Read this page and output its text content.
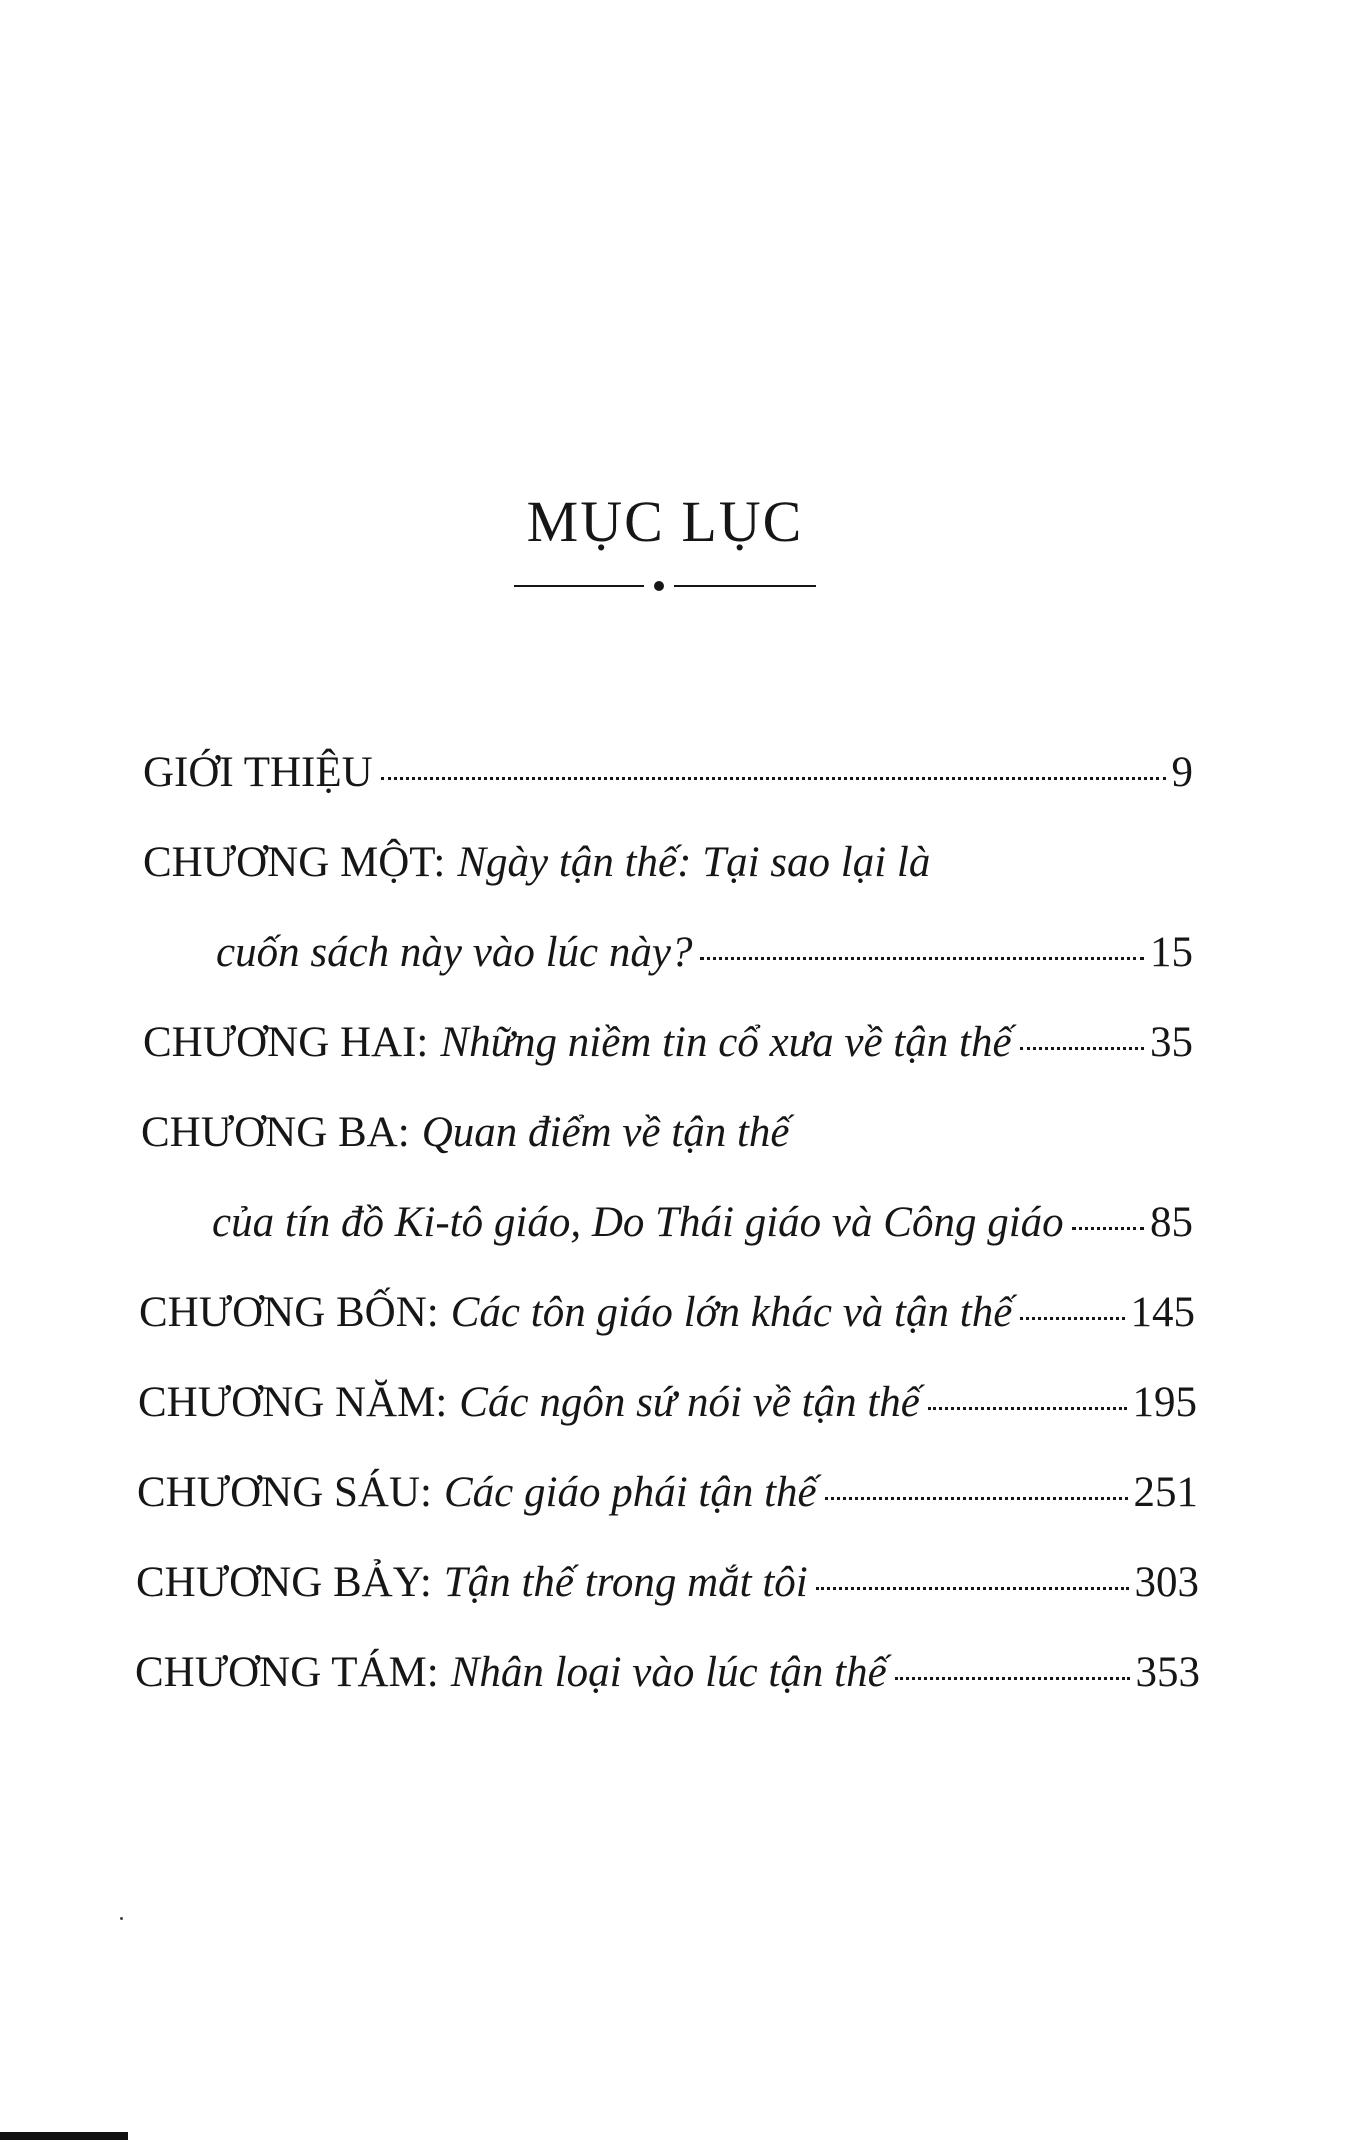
MỤC LỤC
GIỚI THIỆU	9
CHƯƠNG MỘT: Ngày tận thế: Tại sao lại là
cuốn sách này vào lúc này?	15
CHƯƠNG HAI: Những niềm tin cổ xưa về tận thế	35
CHƯƠNG BA: Quan điểm về tận thế
của tín đồ Ki-tô giáo, Do Thái giáo và Công giáo 85
CHƯƠNG BỐN: Các tôn giáo lớn khác và tận thế	145
CHƯƠNG NĂM: Các ngôn sứ nói về tận thế	195
CHƯƠNG SÁU: Các giáo phái tận thế	251
CHƯƠNG BẢY: Tận thế trong mắt tôi	303
CHƯƠNG TÁM: Nhân loại vào lúc tận thế	353
